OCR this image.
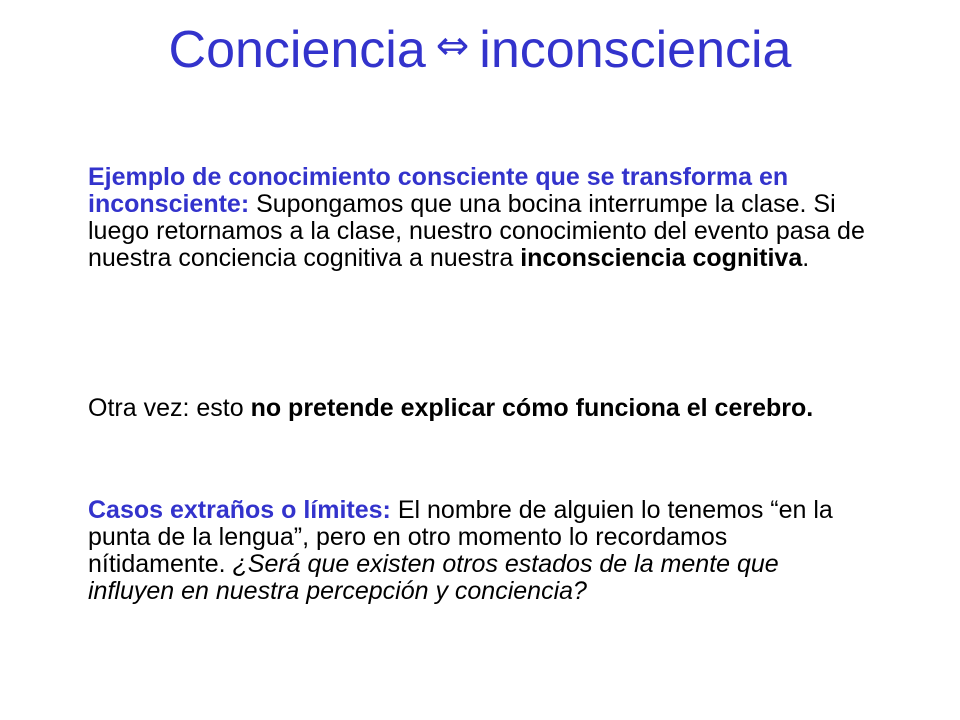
Conciencia ⇔ inconsciencia

Ejemplo de conocimiento consciente que se transforma en inconsciente: Supongamos que una bocina interrumpe la clase. Si luego retornamos a la clase, nuestro conocimiento del evento pasa de nuestra conciencia cognitiva a nuestra inconsciencia cognitiva.

Otra vez: esto no pretende explicar cómo funciona el cerebro.

Casos extraños o límites: El nombre de alguien lo tenemos “en la punta de la lengua”, pero en otro momento lo recordamos nítidamente. ¿Será que existen otros estados de la mente que influyen en nuestra percepción y conciencia?
